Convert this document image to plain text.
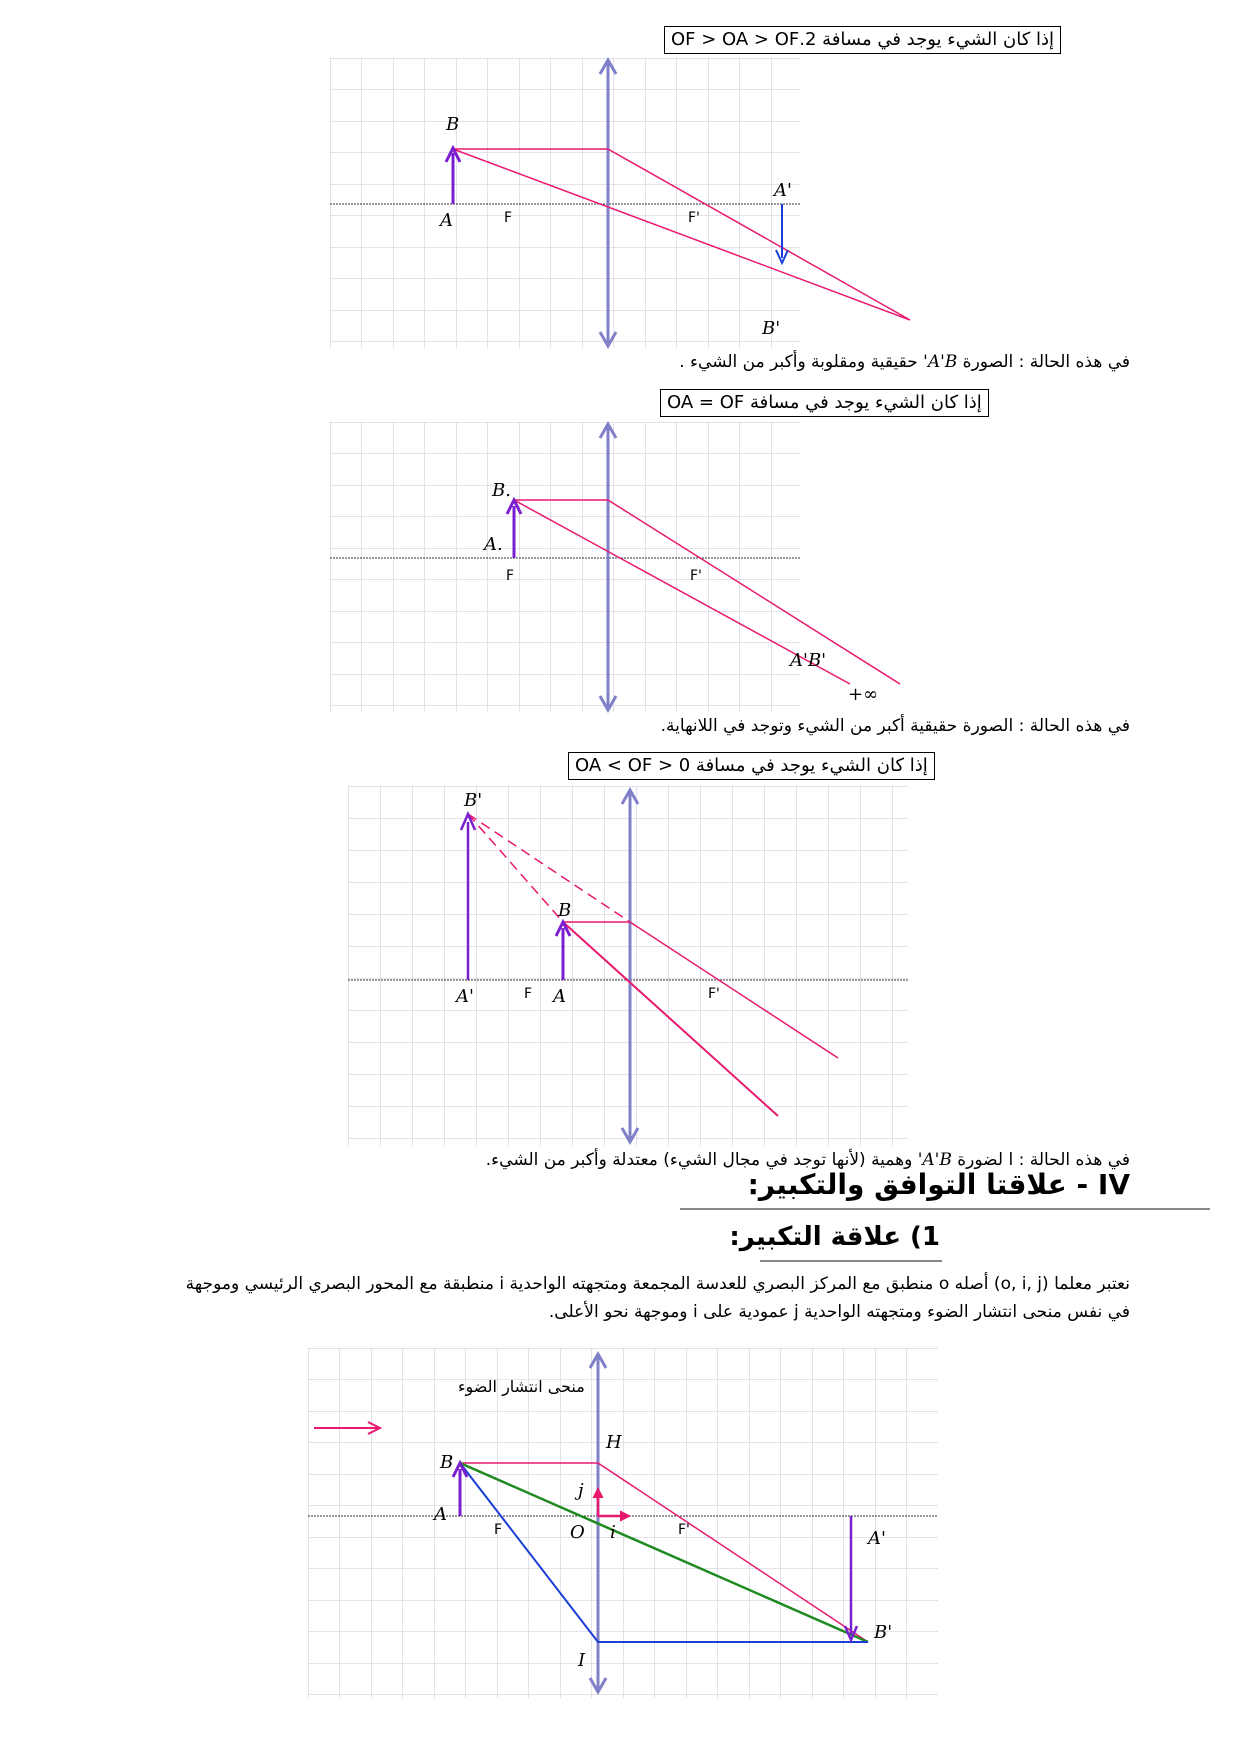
إذا كان الشيء يوجد في مسافة 2.OF > OA > OF
B
A	F	F'
A'
B'
في هذه الحالة : الصورة A'B' حقيقية ومقلوبة وأكبر من الشيء .
إذا كان الشيء يوجد في مسافة OA = OF
B.
A.
F	F'
A'B'
+∞
في هذه الحالة : الصورة حقيقية أكبر من الشيء وتوجد في اللانهاية.
إذا كان الشيء يوجد في مسافة 0 < OA < OF
B'
B
A'	F A	F'
في هذه الحالة : ا لضورة A'B' وهمية (لأنها توجد في مجال الشيء) معتدلة وأكبر من الشيء.
IV - علاقتا التوافق والتكبير:
1) علاقة التكبير:
نعتبر معلما (o, i, j) أصله o منطبق مع المركز البصري للعدسة المجمعة ومتجهته الواحدية i منطبقة مع المحور البصري الرئيسي وموجهة
في نفس منحى انتشار الضوء ومتجهته الواحدية j عمودية على i وموجهة نحو الأعلى.
منحى انتشار الضوء
B
A
H
F	O i
j
F'	A'
B'
I
